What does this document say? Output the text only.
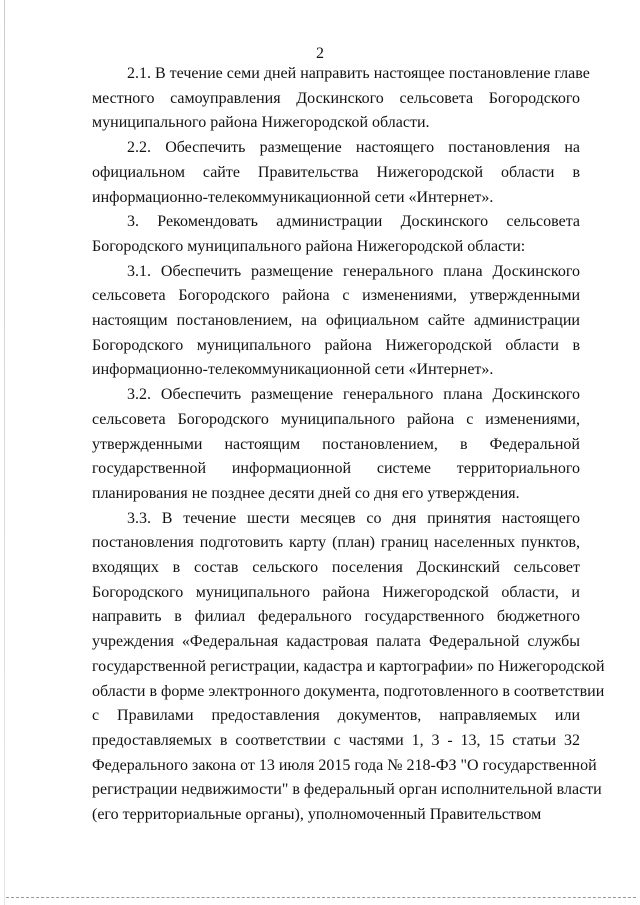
2
2.1. В течение семи дней направить настоящее постановление главе
местного самоуправления Доскинского сельсовета Богородского
муниципального района Нижегородской области.
2.2. Обеспечить размещение настоящего постановления на
официальном сайте Правительства Нижегородской области в
информационно-телекоммуникационной сети «Интернет».
3. Рекомендовать администрации Доскинского сельсовета
Богородского муниципального района Нижегородской области:
3.1. Обеспечить размещение генерального плана Доскинского
сельсовета Богородского района с изменениями, утвержденными
настоящим постановлением, на официальном сайте администрации
Богородского муниципального района Нижегородской области в
информационно-телекоммуникационной сети «Интернет».
3.2. Обеспечить размещение генерального плана Доскинского
сельсовета Богородского муниципального района с изменениями,
утвержденными настоящим постановлением, в Федеральной
государственной информационной системе территориального
планирования не позднее десяти дней со дня его утверждения.
3.3. В течение шести месяцев со дня принятия настоящего
постановления подготовить карту (план) границ населенных пунктов,
входящих в состав сельского поселения Доскинский сельсовет
Богородского муниципального района Нижегородской области, и
направить в филиал федерального государственного бюджетного
учреждения «Федеральная кадастровая палата Федеральной службы
государственной регистрации, кадастра и картографии» по Нижегородской
области в форме электронного документа, подготовленного в соответствии
с Правилами предоставления документов, направляемых или
предоставляемых в соответствии с частями 1, 3 - 13, 15 статьи 32
Федерального закона от 13 июля 2015 года № 218-ФЗ "О государственной
регистрации недвижимости" в федеральный орган исполнительной власти
(его территориальные органы), уполномоченный Правительством
